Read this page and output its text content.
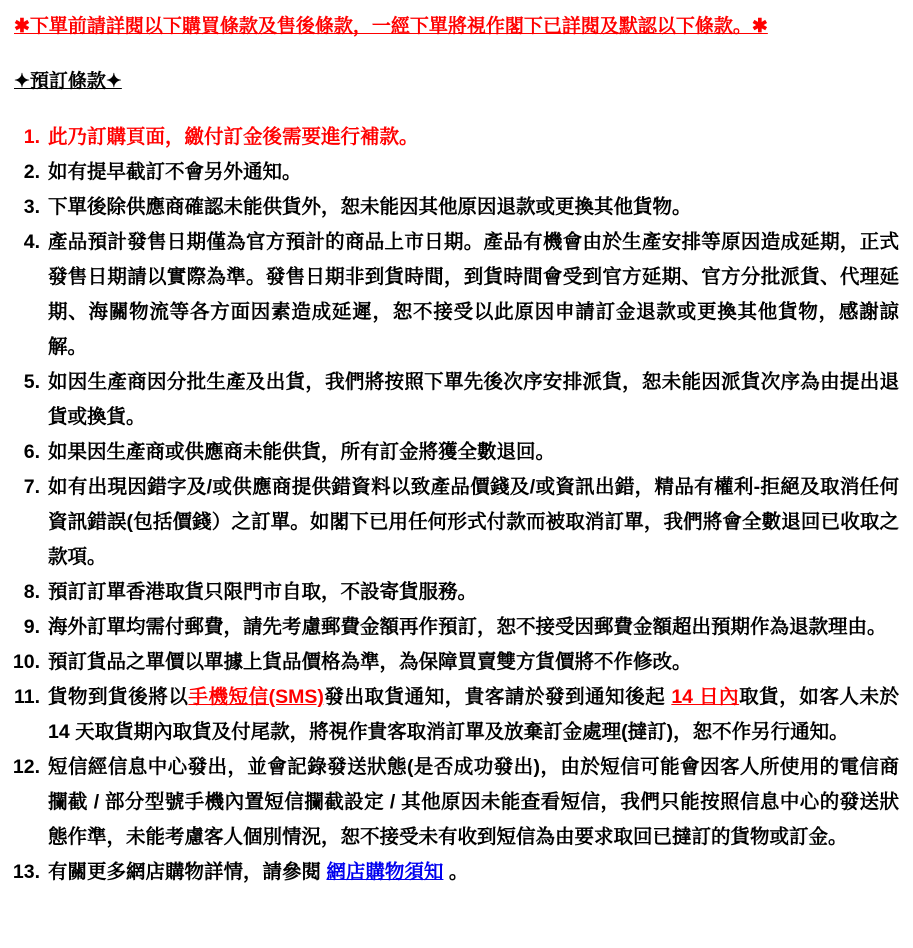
✱下單前請詳閱以下購買條款及售後條款，一經下單將視作閣下已詳閱及默認以下條款。✱
✦預訂條款✦
1. 此乃訂購頁面，繳付訂金後需要進行補款。
2. 如有提早截訂不會另外通知。
3. 下單後除供應商確認未能供貨外，恕未能因其他原因退款或更換其他貨物。
4. 產品預計發售日期僅為官方預計的商品上市日期。產品有機會由於生產安排等原因造成延期，正式發售日期請以實際為準。發售日期非到貨時間，到貨時間會受到官方延期、官方分批派貨、代理延期、海關物流等各方面因素造成延遲，恕不接受以此原因申請訂金退款或更換其他貨物，感謝諒解。
5. 如因生產商因分批生產及出貨，我們將按照下單先後次序安排派貨，恕未能因派貨次序為由提出退貨或換貨。
6. 如果因生產商或供應商未能供貨，所有訂金將獲全數退回。
7. 如有出現因錯字及/或供應商提供錯資料以致產品價錢及/或資訊出錯，精品有權利-拒絕及取消任何資訊錯誤(包括價錢）之訂單。如閣下已用任何形式付款而被取消訂單，我們將會全數退回已收取之款項。
8. 預訂訂單香港取貨只限門市自取，不設寄貨服務。
9. 海外訂單均需付郵費，請先考慮郵費金額再作預訂，恕不接受因郵費金額超出預期作為退款理由。
10. 預訂貨品之單價以單據上貨品價格為準，為保障買賣雙方貨價將不作修改。
11. 貨物到貨後將以手機短信(SMS)發出取貨通知，貴客請於發到通知後起 14 日內取貨，如客人未於 14 天取貨期內取貨及付尾款，將視作貴客取消訂單及放棄訂金處理(撻訂)，恕不作另行通知。
12. 短信經信息中心發出，並會記錄發送狀態(是否成功發出)，由於短信可能會因客人所使用的電信商攔截 / 部分型號手機內置短信攔截設定 / 其他原因未能查看短信，我們只能按照信息中心的發送狀態作準，未能考慮客人個別情況，恕不接受未有收到短信為由要求取回已撻訂的貨物或訂金。
13. 有關更多網店購物詳情，請參閱 網店購物須知 。
